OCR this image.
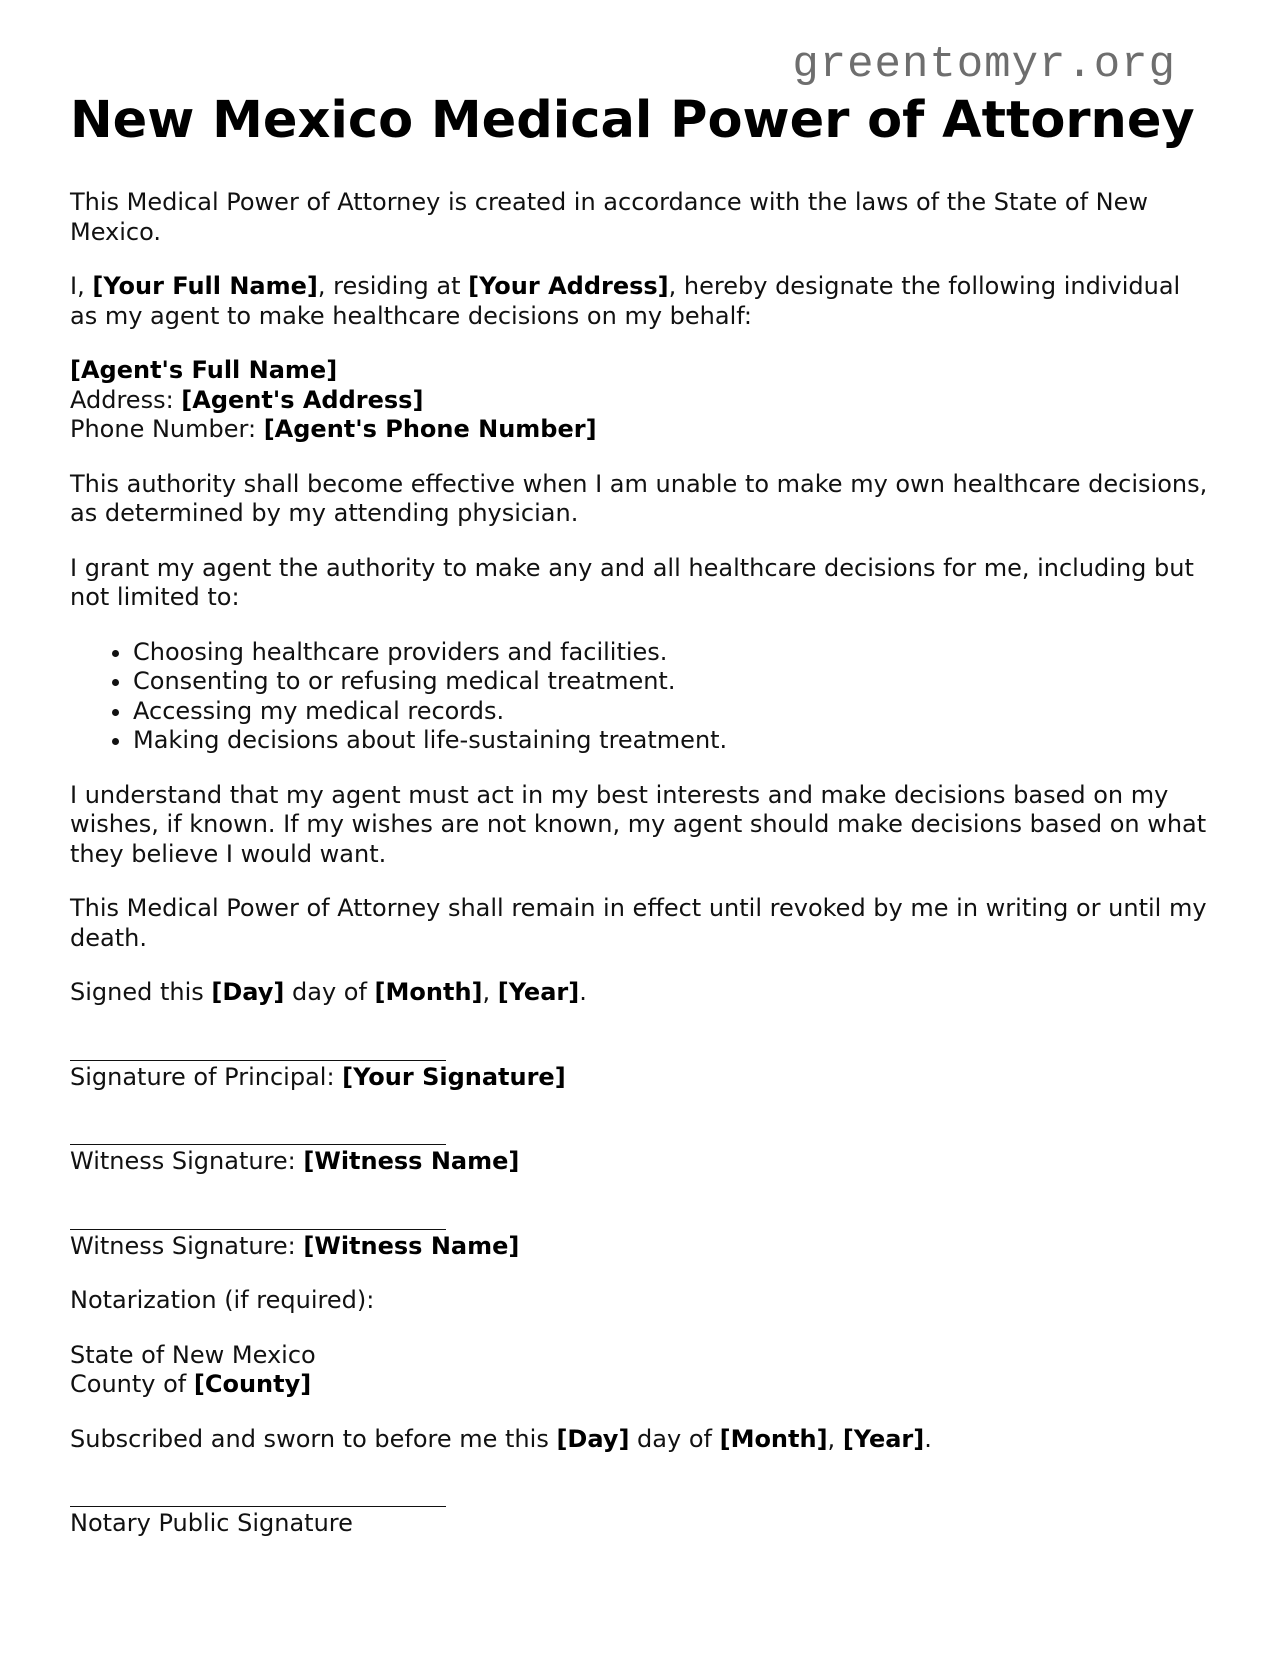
greentomyr.org
New Mexico Medical Power of Attorney

This Medical Power of Attorney is created in accordance with the laws of the State of New Mexico.

I, [Your Full Name], residing at [Your Address], hereby designate the following individual as my agent to make healthcare decisions on my behalf:

[Agent's Full Name]
Address: [Agent's Address]
Phone Number: [Agent's Phone Number]

This authority shall become effective when I am unable to make my own healthcare decisions, as determined by my attending physician.

I grant my agent the authority to make any and all healthcare decisions for me, including but not limited to:

• Choosing healthcare providers and facilities.
• Consenting to or refusing medical treatment.
• Accessing my medical records.
• Making decisions about life-sustaining treatment.

I understand that my agent must act in my best interests and make decisions based on my wishes, if known. If my wishes are not known, my agent should make decisions based on what they believe I would want.

This Medical Power of Attorney shall remain in effect until revoked by me in writing or until my death.

Signed this [Day] day of [Month], [Year].

Signature of Principal: [Your Signature]
Witness Signature: [Witness Name]
Witness Signature: [Witness Name]

Notarization (if required):

State of New Mexico
County of [County]

Subscribed and sworn to before me this [Day] day of [Month], [Year].

Notary Public Signature
